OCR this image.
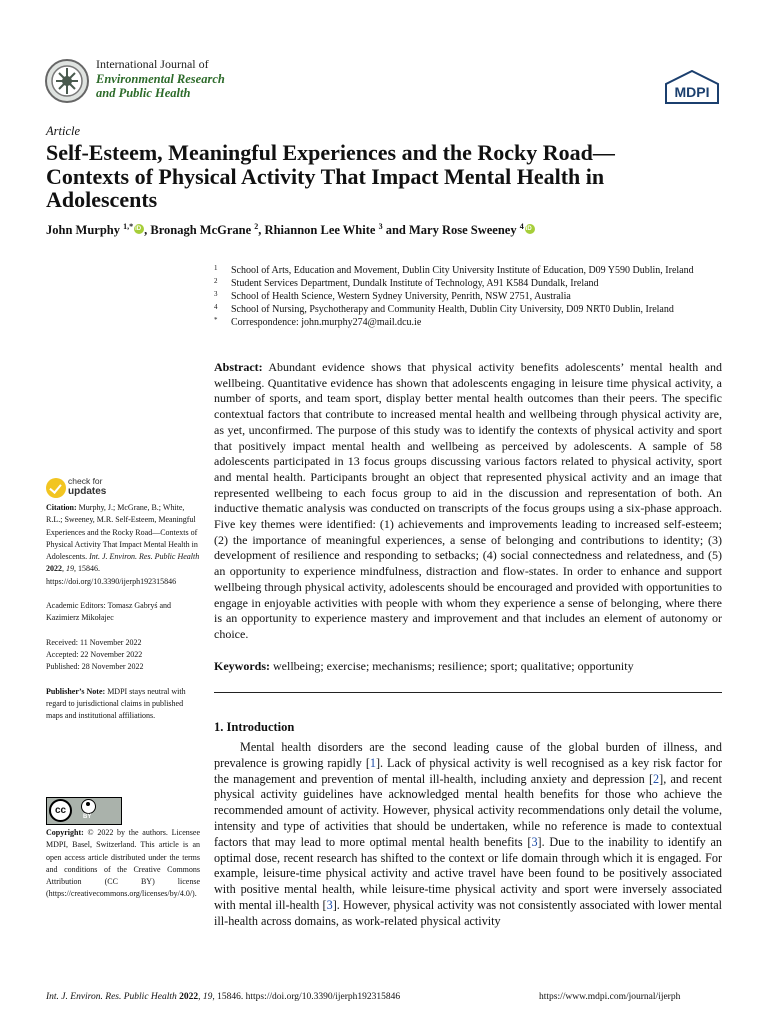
International Journal of
Environmental Research
and Public Health	MDPI
Article
Self-Esteem, Meaningful Experiences and the Rocky Road—Contexts of Physical Activity That Impact Mental Health in Adolescents
John Murphy $^{1,*}$iD , Bronagh McGrane $^2$, Rhiannon Lee White $^3$ and Mary Rose Sweeney $^4$iD
1	School of Arts, Education and Movement, Dublin City University Institute of Education, D09 Y590 Dublin, Ireland
2	Student Services Department, Dundalk Institute of Technology, A91 K584 Dundalk, Ireland
3	School of Health Science, Western Sydney University, Penrith, NSW 2751, Australia
4	School of Nursing, Psychotherapy and Community Health, Dublin City University, D09 NRT0 Dublin, Ireland
*	Correspondence: john.murphy274@mail.dcu.ie
Abstract: Abundant evidence shows that physical activity benefits adolescents’ mental health and wellbeing. Quantitative evidence has shown that adolescents engaging in leisure time physical activity, a number of sports, and team sport, display better mental health outcomes than their peers. The specific contextual factors that contribute to increased mental health and wellbeing through physical activity are, as yet, unconfirmed. The purpose of this study was to identify the contexts of physical activity and sport that positively impact mental health and wellbeing as perceived by adolescents. A sample of 58 adolescents participated in 13 focus groups discussing various factors related to physical activity, sport and mental health. Participants brought an object that represented physical activity and an image that represented wellbeing to each focus group to aid in the discussion and representation of both. An inductive thematic analysis was conducted on transcripts of the focus groups using a six-phase approach. Five key themes were identified: (1) achievements and improvements leading to increased self-esteem; (2) the importance of meaningful experiences, a sense of belonging and contributions to identity; (3) development of resilience and responding to setbacks; (4) social connectedness and relatedness, and (5) an opportunity to experience mindfulness, distraction and flow-states. In order to enhance and support wellbeing through physical activity, adolescents should be encouraged and provided with opportunities to engage in enjoyable activities with people with whom they experience a sense of belonging, where there is an opportunity to experience mastery and improvement and that includes an element of autonomy or choice.
Keywords: wellbeing; exercise; mechanisms; resilience; sport; qualitative; opportunity
1. Introduction
Mental health disorders are the second leading cause of the global burden of illness, and prevalence is growing rapidly [1]. Lack of physical activity is well recognised as a key risk factor for the management and prevention of mental ill-health, including anxiety and depression [2], and recent physical activity guidelines have acknowledged mental health benefits for those who achieve the recommended amount of activity. However, physical activity recommendations only detail the volume, intensity and type of activities that should be undertaken, while no reference is made to contextual factors that may lead to more optimal mental health benefits [3]. Due to the inability to identify an optimal dose, recent research has shifted to the context or life domain through which it is engaged. For example, leisure-time physical activity and active travel have been found to be positively associated with positive mental health, while leisure-time physical activity and sport were inversely associated with mental ill-health [3]. However, physical activity was not consistently associated with lower mental ill-health across domains, as work-related physical activity
check for
updates
Citation: Murphy, J.; McGrane, B.; White, R.L.; Sweeney, M.R. Self-Esteem, Meaningful Experiences and the Rocky Road—Contexts of Physical Activity That Impact Mental Health in Adolescents. Int. J. Environ. Res. Public Health 2022, 19, 15846. https://doi.org/10.3390/ijerph192315846
Academic Editors: Tomasz Gabryś and Kazimierz Mikołajec
Received: 11 November 2022
Accepted: 22 November 2022
Published: 28 November 2022
Publisher’s Note: MDPI stays neutral with regard to jurisdictional claims in published maps and institutional affiliations.
cc
BY
Copyright: © 2022 by the authors. Licensee MDPI, Basel, Switzerland. This article is an open access article distributed under the terms and conditions of the Creative Commons Attribution (CC BY) license (https://creativecommons.org/licenses/by/4.0/).
Int. J. Environ. Res. Public Health 2022, 19, 15846. https://doi.org/10.3390/ijerph192315846	https://www.mdpi.com/journal/ijerph
